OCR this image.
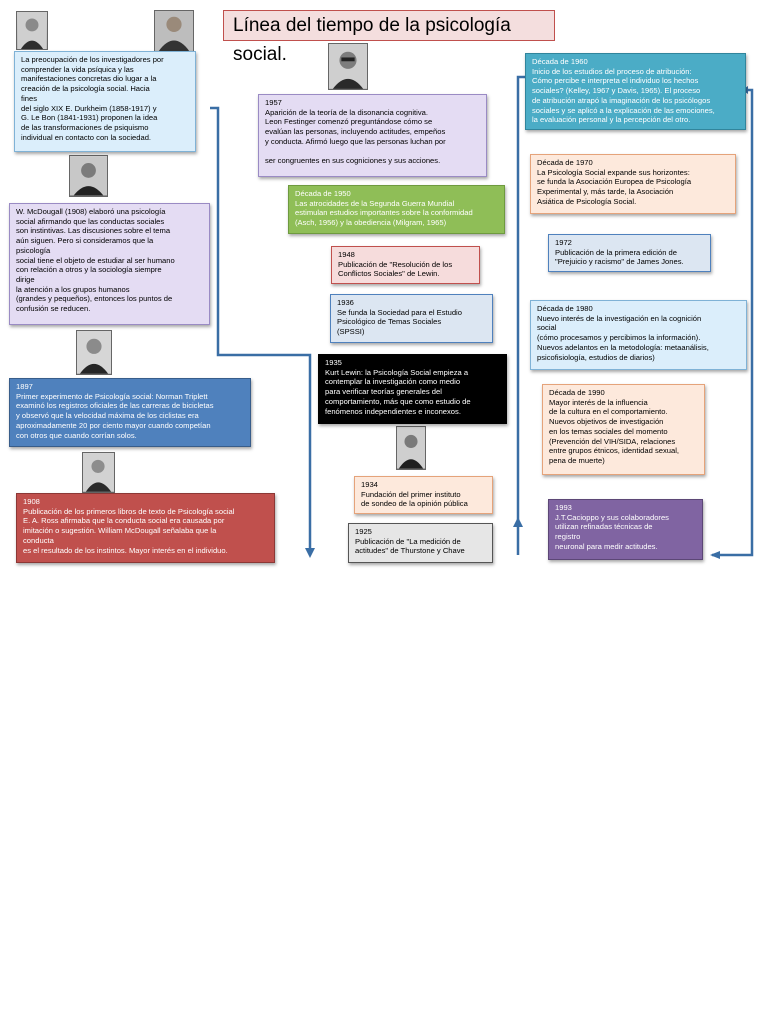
Línea del tiempo de la psicología social.
La preocupación de los investigadores por
comprender la vida psíquica y las
manifestaciones concretas dio lugar a la
creación de la psicología social. Hacia
fines
del siglo XIX E. Durkheim (1858-1917) y
G. Le Bon (1841-1931) proponen la idea
de las transformaciones de psiquismo
individual en contacto con la sociedad.
W. McDougall (1908) elaboró una psicología
social afirmando que las conductas sociales
son instintivas. Las discusiones sobre el tema
aún siguen. Pero si consideramos que la
psicología
social tiene el objeto de estudiar al ser humano
con relación a otros y la sociología siempre
dirige
la atención a los grupos humanos
(grandes y pequeños), entonces los puntos de
confusión se reducen.
1897
Primer experimento de Psicología social: Norman Triplett
examinó los registros oficiales de las carreras de bicicletas
y observó que la velocidad máxima de los ciclistas era
aproximadamente 20 por ciento mayor cuando competían
con otros que cuando corrían solos.
1908
Publicación de los primeros libros de texto de Psicología social
E. A. Ross afirmaba que la conducta social era causada por
imitación o sugestión. William McDougall señalaba que la
conducta
es el resultado de los instintos. Mayor interés en el individuo.
1957
Aparición de la teoría de la disonancia cognitiva.
Leon Festinger comenzó preguntándose cómo se
evalúan las personas, incluyendo actitudes, empeños
y conducta. Afirmó luego que las personas luchan por

ser congruentes en sus cogniciones y sus acciones.
Década de 1950
Las atrocidades de la Segunda Guerra Mundial
estimulan estudios importantes sobre la conformidad
(Asch, 1956) y la obediencia (Milgram, 1965)
1948
Publicación de "Resolución de los
Conflictos Sociales" de Lewin.
1936
Se funda la Sociedad para el Estudio
Psicológico de Temas Sociales
(SPSSI)
1935
Kurt Lewin: la Psicología Social empieza a
contemplar la investigación como medio
para verificar teorías generales del
comportamiento, más que como estudio de
fenómenos independientes e inconexos.
1934
Fundación del primer instituto
de sondeo de la opinión pública
1925
Publicación de "La medición de
actitudes" de Thurstone y Chave
Década de 1960
Inicio de los estudios del proceso de atribución:
Cómo percibe e interpreta el individuo los hechos
sociales? (Kelley, 1967 y Davis, 1965). El proceso
de atribución atrapó la imaginación de los psicólogos
sociales y se aplicó a la explicación de las emociones,
la evaluación personal y la percepción del otro.
Década de 1970
La Psicología Social expande sus horizontes:
se funda la Asociación Europea de Psicología
Experimental y, más tarde, la Asociación
Asiática de Psicología Social.
1972
Publicación de la primera edición de
"Prejuicio y racismo" de James Jones.
Década de 1980
Nuevo interés de la investigación en la cognición
social
(cómo procesamos y percibimos la información).
Nuevos adelantos en la metodología: metaanálisis,
psicofisiología, estudios de diarios)
Década de 1990
Mayor interés de la influencia
de la cultura en el comportamiento.
Nuevos objetivos de investigación
en los temas sociales del momento
(Prevención del VIH/SIDA, relaciones
entre grupos étnicos, identidad sexual,
pena de muerte)
1993
J.T.Cacioppo y sus colaboradores
utilizan refinadas técnicas de
registro
neuronal para medir actitudes.
